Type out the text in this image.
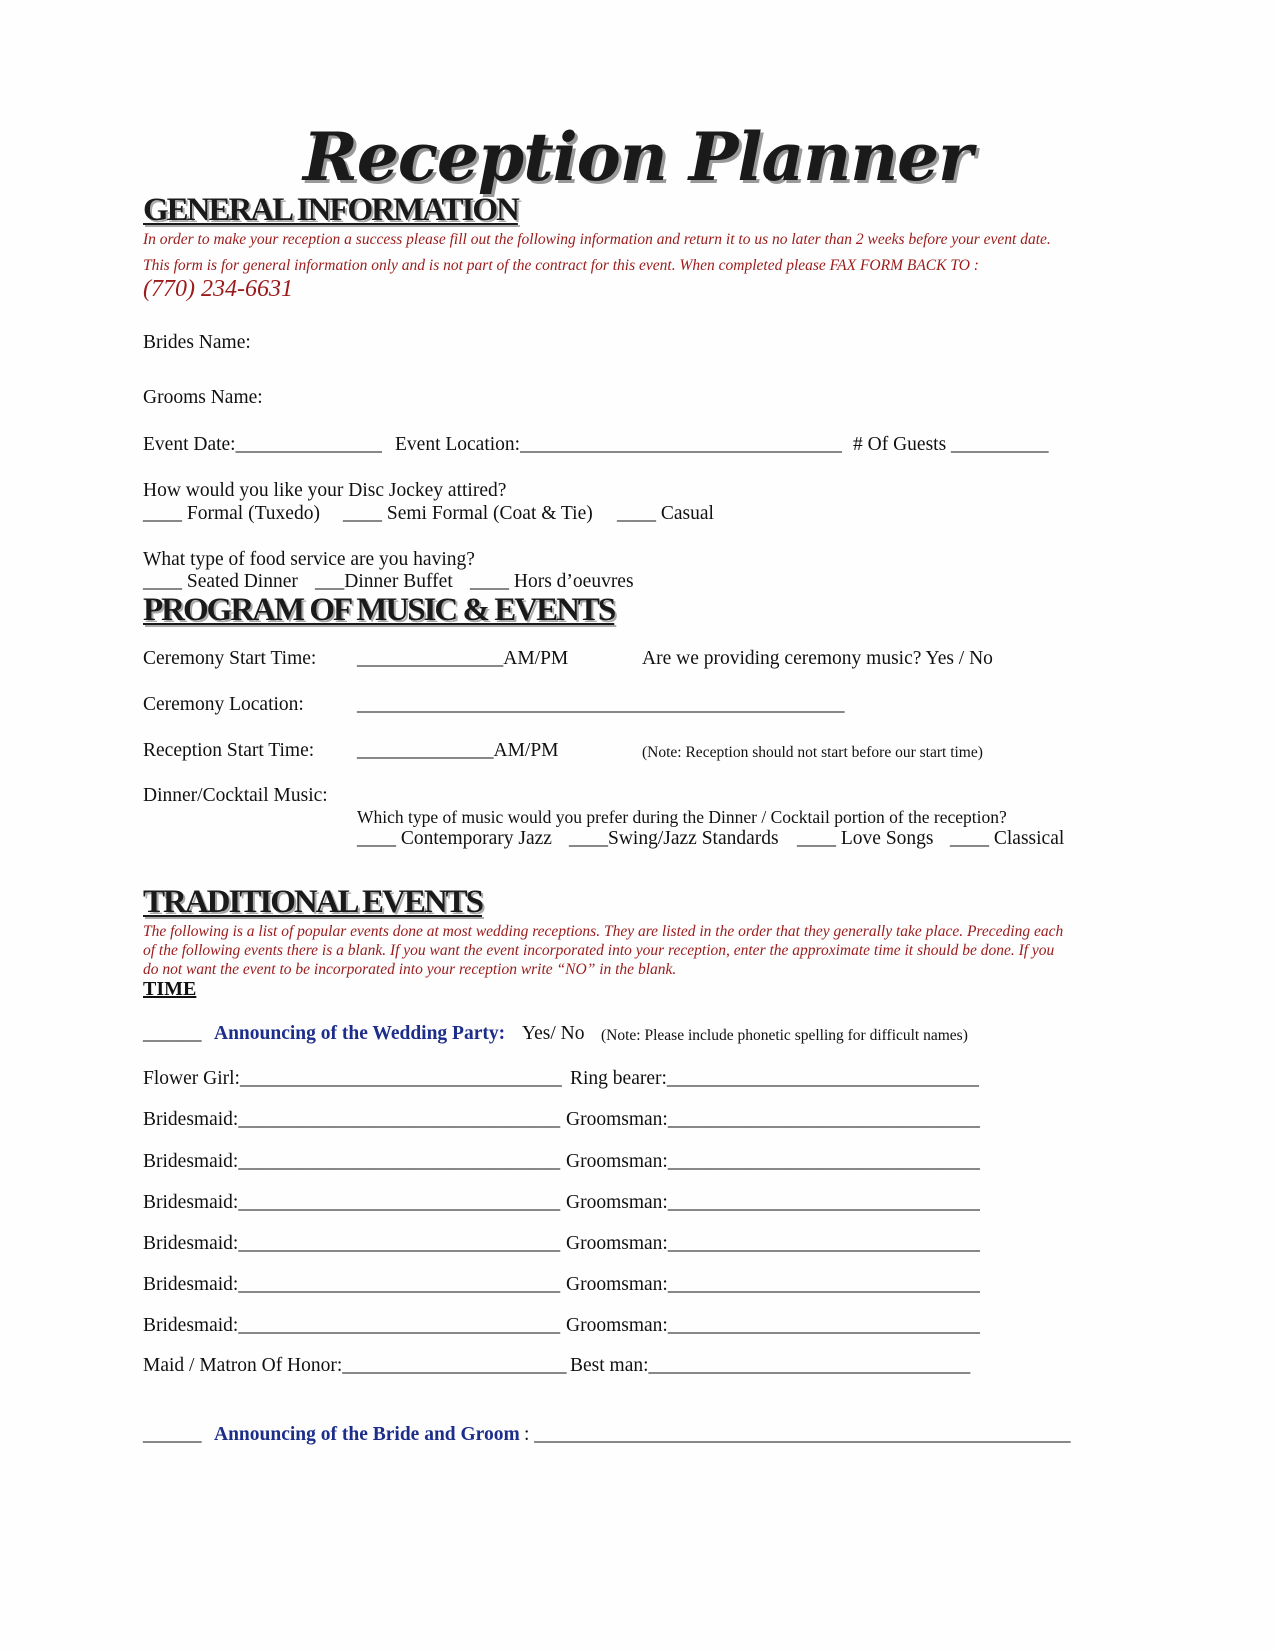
Reception Planner
GENERAL INFORMATION
In order to make your reception a success please fill out the following information and return it to us no later than 2 weeks before your event date. This form is for general information only and is not part of the contract for this event. When completed please FAX FORM BACK TO :
(770) 234-6631
Brides Name:
Grooms Name:
Event Date:_______________ Event Location:_________________________________ # Of Guests __________
How would you like your Disc Jockey attired?
____ Formal (Tuxedo) ____ Semi Formal (Coat & Tie) ____ Casual
What type of food service are you having?
____ Seated Dinner ___Dinner Buffet ____ Hors d’oeuvres
PROGRAM OF MUSIC & EVENTS
Ceremony Start Time: _______________AM/PM	Are we providing ceremony music? Yes / No
Ceremony Location:	__________________________________________________
Reception Start Time: ______________AM/PM	(Note: Reception should not start before our start time)
Dinner/Cocktail Music:
Which type of music would you prefer during the Dinner / Cocktail portion of the reception?
____ Contemporary Jazz ____Swing/Jazz Standards ____ Love Songs ____ Classical
TRADITIONAL EVENTS
The following is a list of popular events done at most wedding receptions. They are listed in the order that they generally take place. Preceding each of the following events there is a blank. If you want the event incorporated into your reception, enter the approximate time it should be done. If you do not want the event to be incorporated into your reception write “NO” in the blank.
TIME
______ Announcing of the Wedding Party: Yes/ No (Note: Please include phonetic spelling for difficult names)
Flower Girl:_________________________________ Ring bearer:________________________________
Bridesmaid:_________________________________ Groomsman:________________________________
Bridesmaid:_________________________________ Groomsman:________________________________
Bridesmaid:_________________________________ Groomsman:________________________________
Bridesmaid:_________________________________ Groomsman:________________________________
Bridesmaid:_________________________________ Groomsman:________________________________
Bridesmaid:_________________________________ Groomsman:________________________________
Maid / Matron Of Honor:_______________________ Best man:_________________________________
______ Announcing of the Bride and Groom : _______________________________________________________
